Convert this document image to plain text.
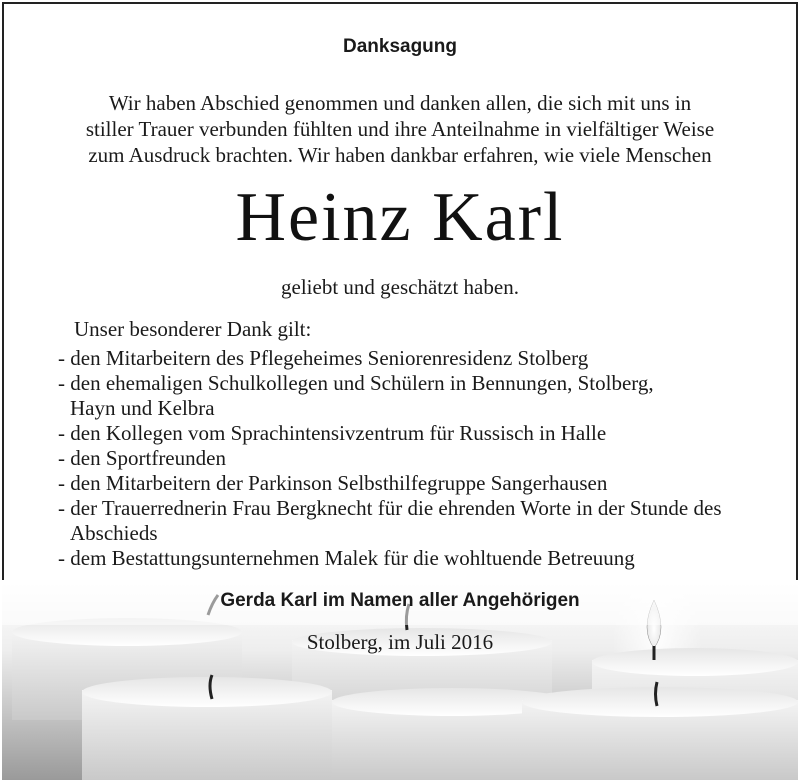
Danksagung
Wir haben Abschied genommen und danken allen, die sich mit uns in
stiller Trauer verbunden fühlten und ihre Anteilnahme in vielfältiger Weise
zum Ausdruck brachten. Wir haben dankbar erfahren, wie viele Menschen
Heinz Karl
geliebt und geschätzt haben.
Unser besonderer Dank gilt:
- den Mitarbeitern des Pflegeheimes Seniorenresidenz Stolberg
- den ehemaligen Schulkollegen und Schülern in Bennungen, Stolberg, Hayn und Kelbra
- den Kollegen vom Sprachintensivzentrum für Russisch in Halle
- den Sportfreunden
- den Mitarbeitern der Parkinson Selbsthilfegruppe Sangerhausen
- der Trauerrednerin Frau Bergknecht für die ehrenden Worte in der Stunde des Abschieds
- dem Bestattungsunternehmen Malek für die wohltuende Betreuung
Gerda Karl im Namen aller Angehörigen
Stolberg, im Juli 2016
